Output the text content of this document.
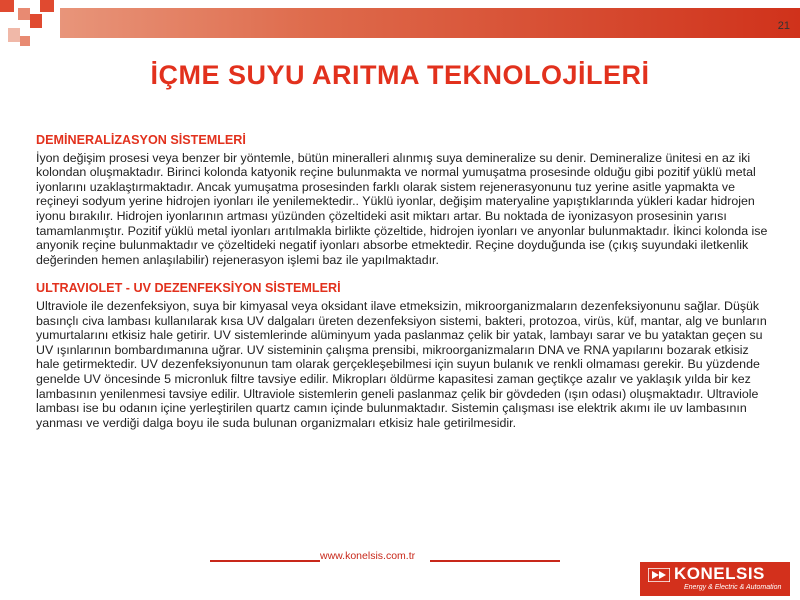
21
İÇME SUYU ARITMA TEKNOLOJİLERİ
DEMİNERALİZASYON SİSTEMLERİ

İyon değişim prosesi veya benzer bir yöntemle, bütün mineralleri alınmış suya demineralize su denir. Demineralize ünitesi en az iki kolondan oluşmaktadır. Birinci kolonda katyonik reçine bulunmakta ve normal yumuşatma prosesinde olduğu gibi pozitif yüklü metal iyonlarını uzaklaştırmaktadır. Ancak yumuşatma prosesinden farklı olarak sistem rejenerasyonunu tuz yerine asitle yapmakta ve reçineyi sodyum yerine hidrojen iyonları ile yenilemektedir.. Yüklü iyonlar, değişim materyaline yapıştıklarında yükleri kadar hidrojen iyonu bırakılır. Hidrojen iyonlarının artması yüzünden çözeltideki asit miktarı artar. Bu noktada de iyonizasyon prosesinin yarısı tamamlanmıştır. Pozitif yüklü metal iyonları arıtılmakla birlikte çözeltide, hidrojen iyonları ve anyonlar bulunmaktadır. İkinci kolonda ise anyonik reçine bulunmaktadır ve çözeltideki negatif iyonları absorbe etmektedir. Reçine doyduğunda ise (çıkış suyundaki iletkenlik değerinden hemen anlaşılabilir) rejenerasyon işlemi baz ile yapılmaktadır.

ULTRAVIOLET - UV DEZENFEKSİYON SİSTEMLERİ

Ultraviole ile dezenfeksiyon, suya bir kimyasal veya oksidant ilave etmeksizin, mikroorganizmaların dezenfeksiyonunu sağlar. Düşük basınçlı civa lambası kullanılarak kısa UV dalgaları üreten dezenfeksiyon sistemi, bakteri, protozoa, virüs, küf, mantar, alg ve bunların yumurtalarını etkisiz hale getirir. UV sistemlerinde alüminyum yada paslanmaz çelik bir yatak, lambayı sarar ve bu yataktan geçen su UV ışınlarının bombardımanına uğrar. UV sisteminin çalışma prensibi, mikroorganizmaların DNA ve RNA yapılarını bozarak etkisiz hale getirmektedir. UV dezenfeksiyonunun tam olarak gerçekleşebilmesi için suyun bulanık ve renkli olmaması gerekir. Bu yüzdende genelde UV öncesinde 5 micronluk filtre tavsiye edilir. Mikropları öldürme kapasitesi zaman geçtikçe azalır ve yaklaşık yılda bir kez lambasının yenilenmesi tavsiye edilir. Ultraviole sistemlerin geneli paslanmaz çelik bir gövdeden (ışın odası) oluşmaktadır. Ultraviole lambası ise bu odanın içine yerleştirilen quartz camın içinde bulunmaktadır. Sistemin çalışması ise elektrik akımı ile uv lambasının yanması ve verdiği dalga boyu ile suda bulunan organizmaları etkisiz hale getirilmesidir.

www.konelsis.com.tr
KONELSIS
Energy & Electric & Automation
